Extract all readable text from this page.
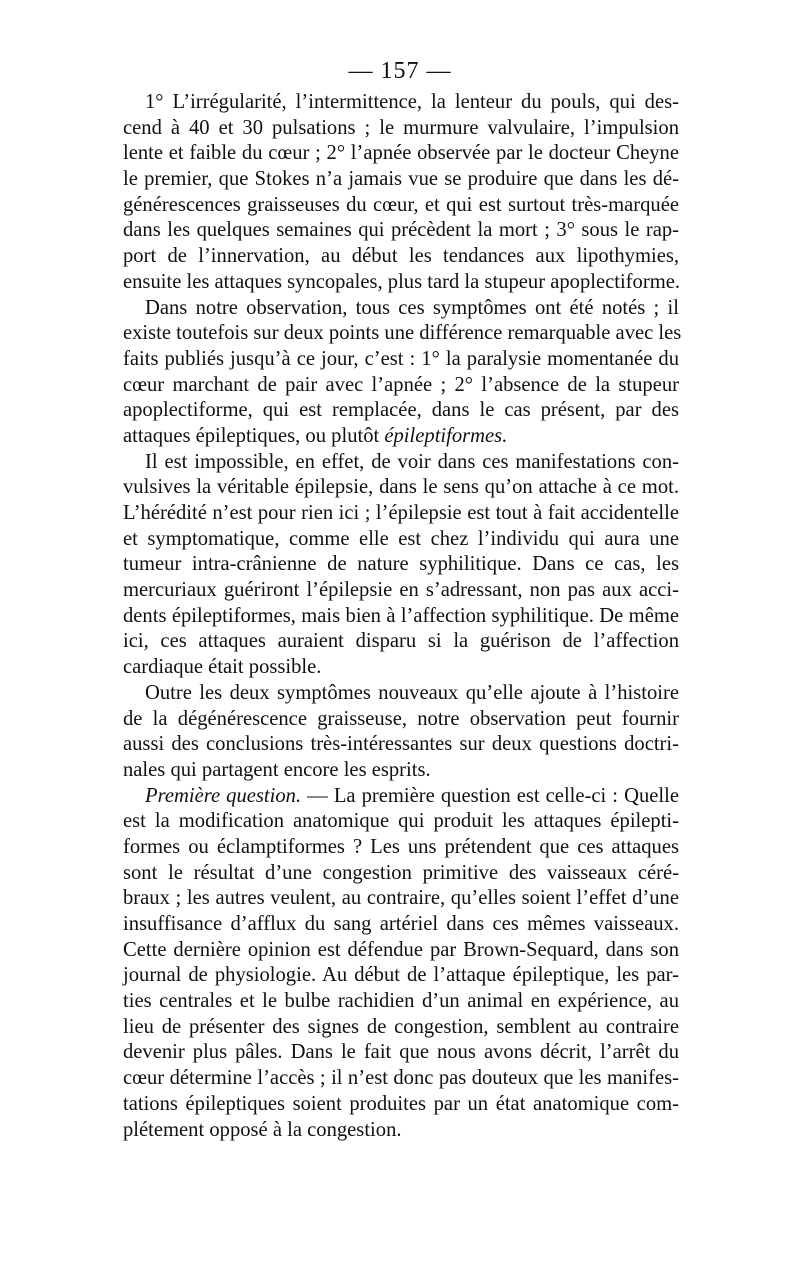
— 157 —
1° L’irrégularité, l’intermittence, la lenteur du pouls, qui des-
cend à 40 et 30 pulsations ; le murmure valvulaire, l’impulsion
lente et faible du cœur ; 2° l’apnée observée par le docteur Cheyne
le premier, que Stokes n’a jamais vue se produire que dans les dé-
générescences graisseuses du cœur, et qui est surtout très-marquée
dans les quelques semaines qui précèdent la mort ; 3° sous le rap-
port de l’innervation, au début les tendances aux lipothymies,
ensuite les attaques syncopales, plus tard la stupeur apoplectiforme.
Dans notre observation, tous ces symptômes ont été notés ; il
existe toutefois sur deux points une différence remarquable avec les
faits publiés jusqu’à ce jour, c’est : 1° la paralysie momentanée du
cœur marchant de pair avec l’apnée ; 2° l’absence de la stupeur
apoplectiforme, qui est remplacée, dans le cas présent, par des
attaques épileptiques, ou plutôt épileptiformes.
Il est impossible, en effet, de voir dans ces manifestations con-
vulsives la véritable épilepsie, dans le sens qu’on attache à ce mot.
L’hérédité n’est pour rien ici ; l’épilepsie est tout à fait accidentelle
et symptomatique, comme elle est chez l’individu qui aura une
tumeur intra-crânienne de nature syphilitique. Dans ce cas, les
mercuriaux guériront l’épilepsie en s’adressant, non pas aux acci-
dents épileptiformes, mais bien à l’affection syphilitique. De même
ici, ces attaques auraient disparu si la guérison de l’affection
cardiaque était possible.
Outre les deux symptômes nouveaux qu’elle ajoute à l’histoire
de la dégénérescence graisseuse, notre observation peut fournir
aussi des conclusions très-intéressantes sur deux questions doctri-
nales qui partagent encore les esprits.
Première question. — La première question est celle-ci : Quelle
est la modification anatomique qui produit les attaques épilepti-
formes ou éclamptiformes ? Les uns prétendent que ces attaques
sont le résultat d’une congestion primitive des vaisseaux céré-
braux ; les autres veulent, au contraire, qu’elles soient l’effet d’une
insuffisance d’afflux du sang artériel dans ces mêmes vaisseaux.
Cette dernière opinion est défendue par Brown-Sequard, dans son
journal de physiologie. Au début de l’attaque épileptique, les par-
ties centrales et le bulbe rachidien d’un animal en expérience, au
lieu de présenter des signes de congestion, semblent au contraire
devenir plus pâles. Dans le fait que nous avons décrit, l’arrêt du
cœur détermine l’accès ; il n’est donc pas douteux que les manifes-
tations épileptiques soient produites par un état anatomique com-
plétement opposé à la congestion.
